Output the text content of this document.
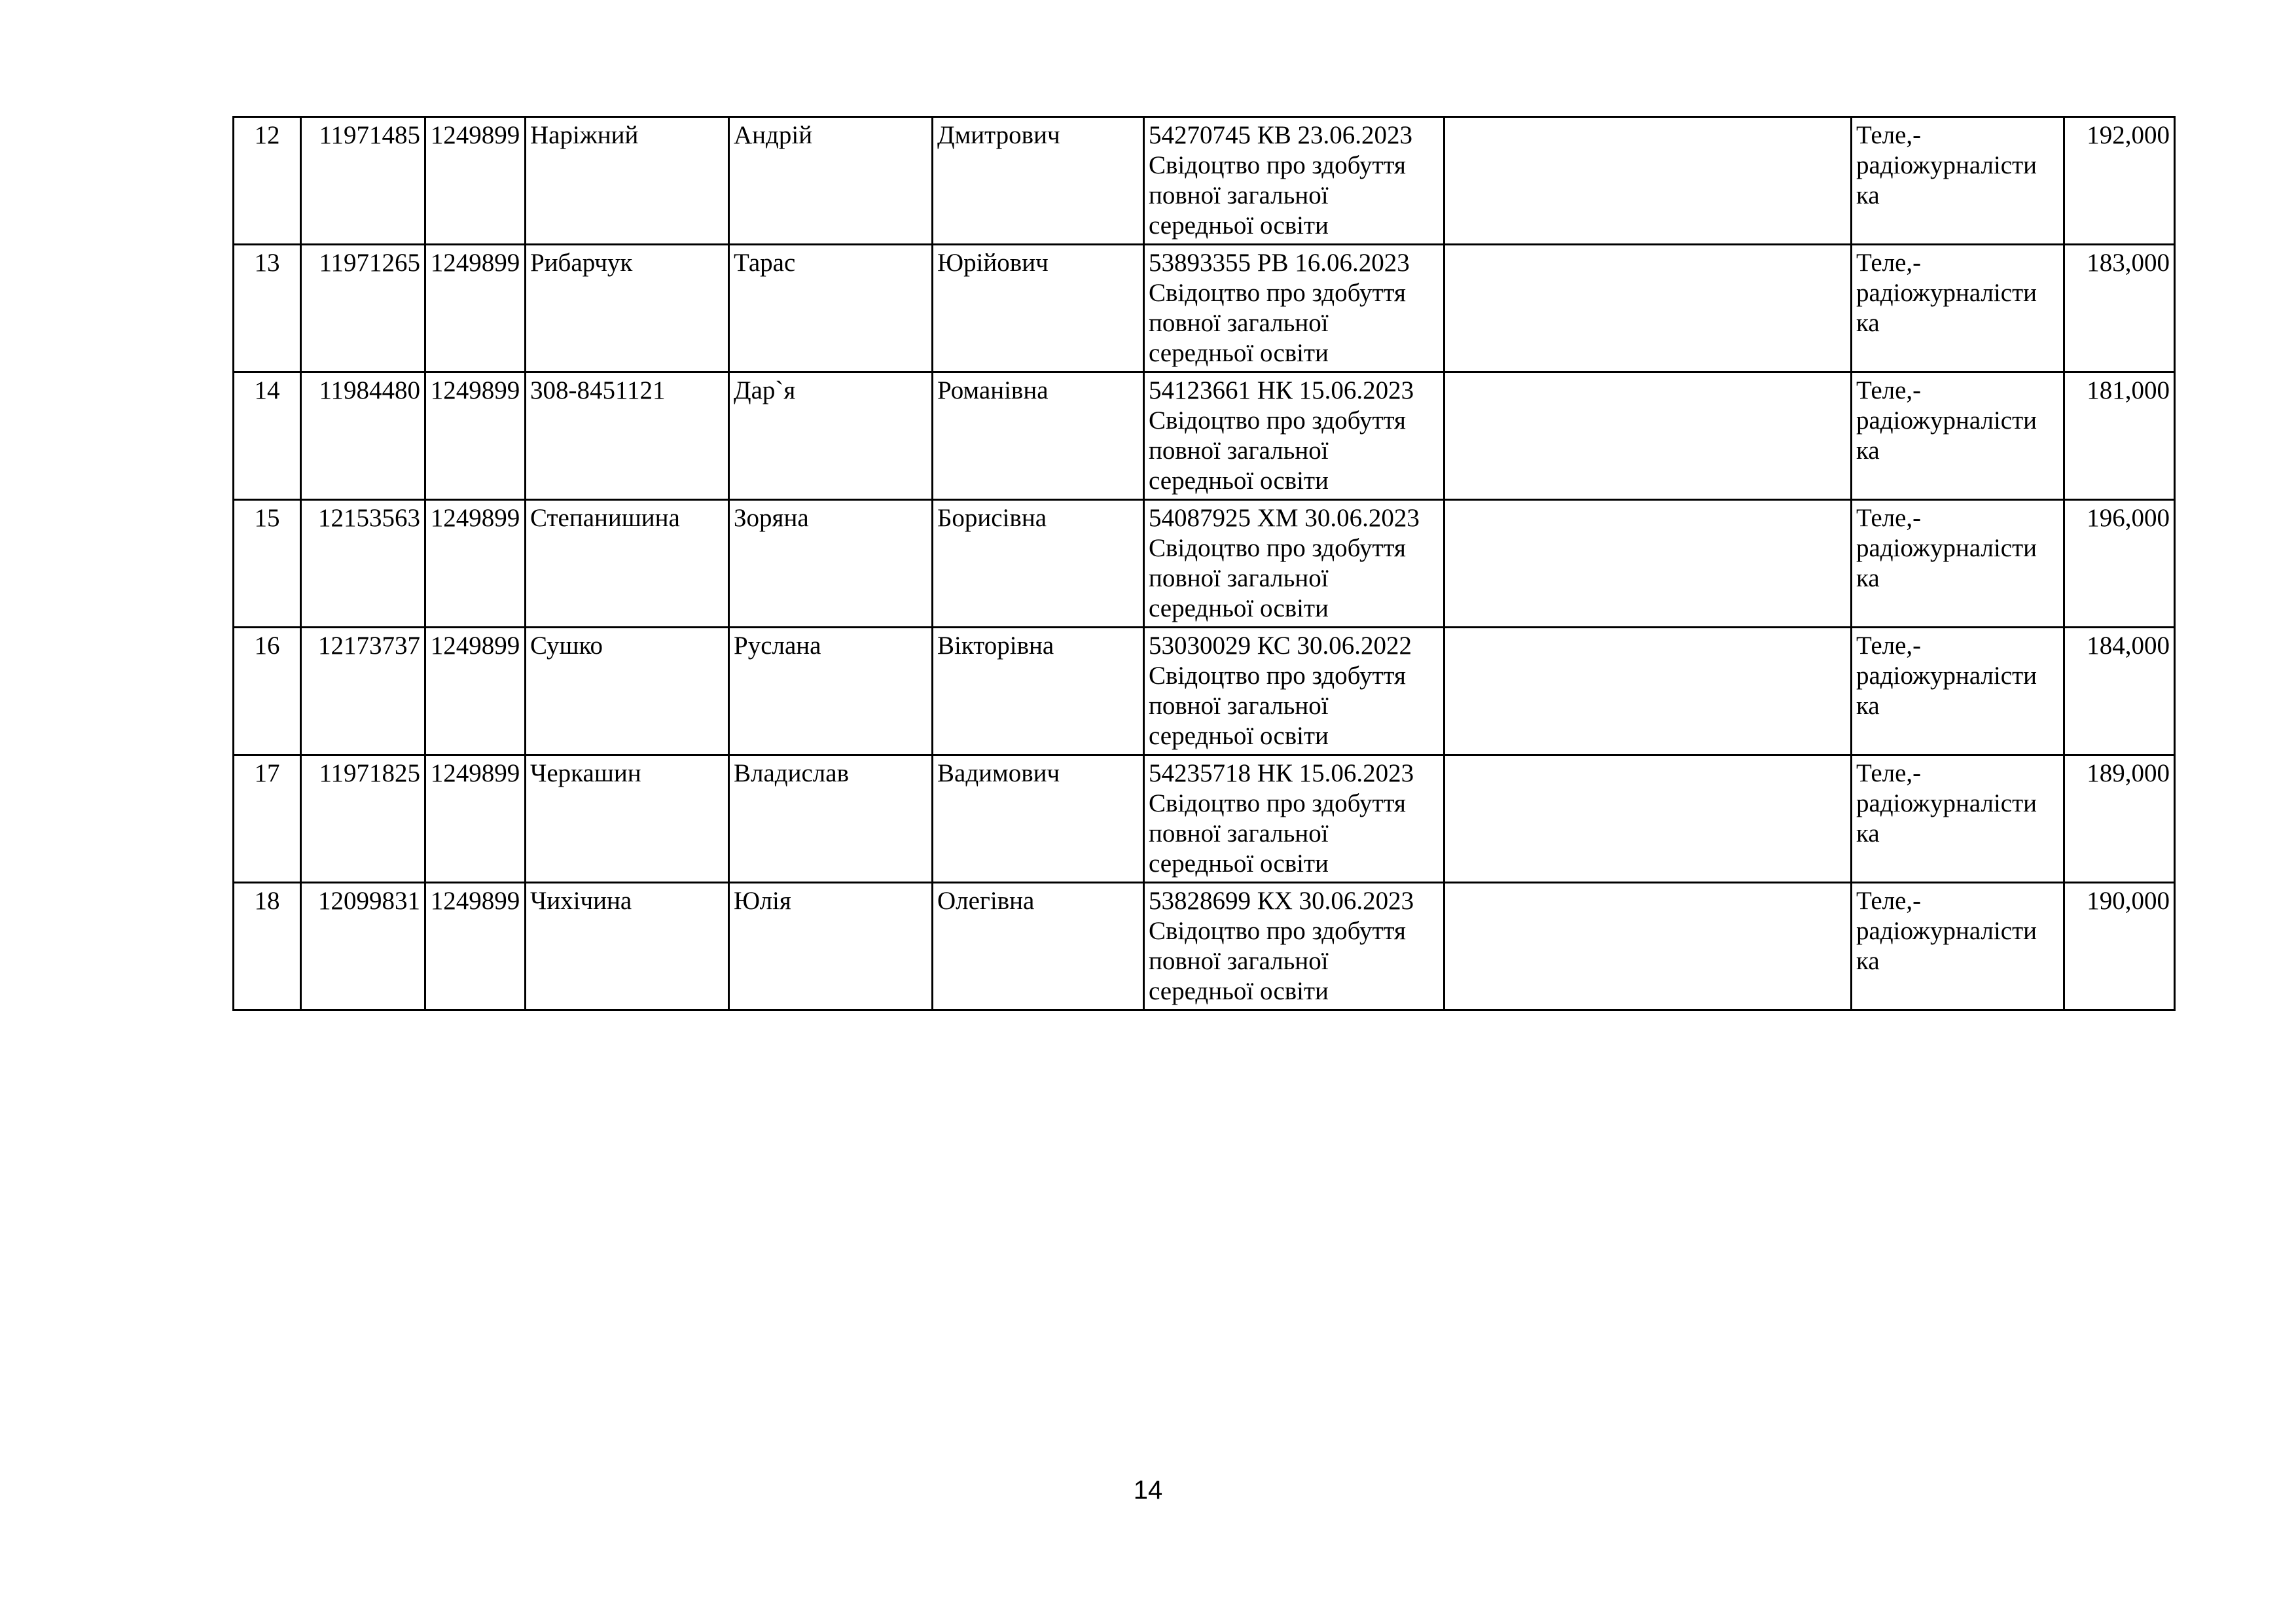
12	11971485	1249899	Наріжний	Андрій	Дмитрович	54270745 КВ 23.06.2023
Свідоцтво про здобуття
повної загальної
середньої освіти		Теле,-
радіожурналісти
ка	192,000
13	11971265	1249899	Рибарчук	Тарас	Юрійович	53893355 РВ 16.06.2023
Свідоцтво про здобуття
повної загальної
середньої освіти		Теле,-
радіожурналісти
ка	183,000
14	11984480	1249899	308-8451121	Дар`я	Романівна	54123661 НК 15.06.2023
Свідоцтво про здобуття
повної загальної
середньої освіти		Теле,-
радіожурналісти
ка	181,000
15	12153563	1249899	Степанишина	Зоряна	Борисівна	54087925 ХМ 30.06.2023
Свідоцтво про здобуття
повної загальної
середньої освіти		Теле,-
радіожурналісти
ка	196,000
16	12173737	1249899	Сушко	Руслана	Вікторівна	53030029 КС 30.06.2022
Свідоцтво про здобуття
повної загальної
середньої освіти		Теле,-
радіожурналісти
ка	184,000
17	11971825	1249899	Черкашин	Владислав	Вадимович	54235718 НК 15.06.2023
Свідоцтво про здобуття
повної загальної
середньої освіти		Теле,-
радіожурналісти
ка	189,000
18	12099831	1249899	Чихічина	Юлія	Олегівна	53828699 КХ 30.06.2023
Свідоцтво про здобуття
повної загальної
середньої освіти		Теле,-
радіожурналісти
ка	190,000
14
